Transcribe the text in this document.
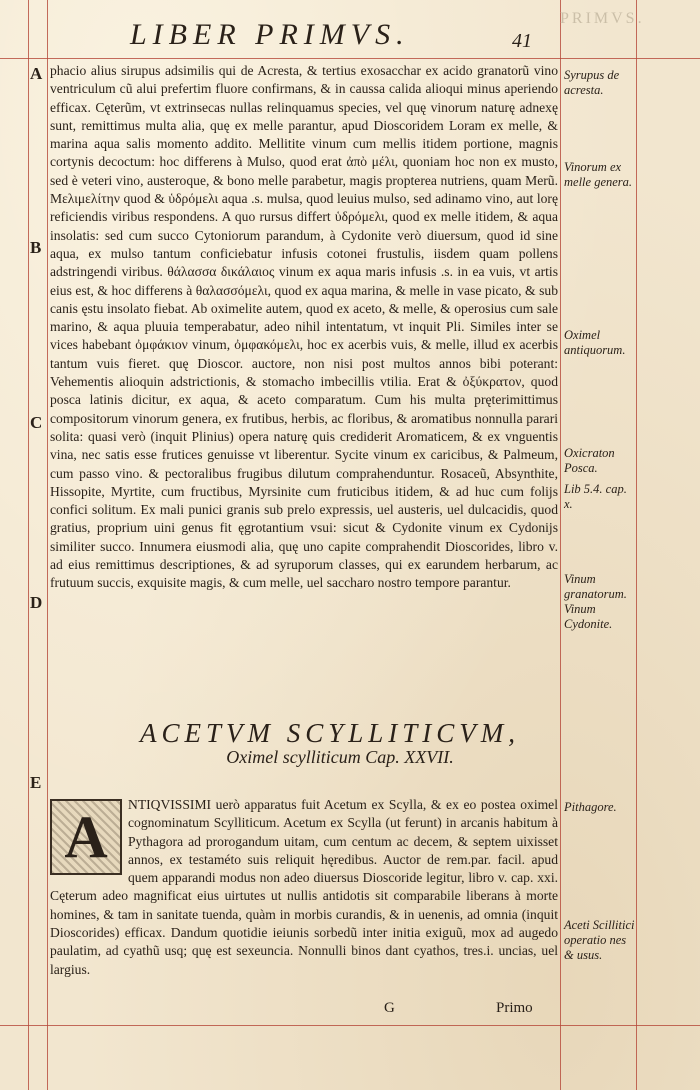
LIBER PRIMVS.	41
PRIMVS.
A
B
C
D
E

phacio alius sirupus adsimilis qui de Acresta, & tertius exosacchar ex acido granatorũ vino ventriculum cũ alui prefertim fluore confirmans, & in caussa calida alioqui minus aperiendo efficax. Cęterũm, vt extrinsecas nullas relinquamus species, vel quę vinorum naturę adnexę sunt, remittimus multa alia, quę ex melle parantur, apud Dioscoridem Loram ex melle, & marina aqua salis momento addito. Mellitite vinum cum mellis itidem portione, magnis cortynis decoctum: hoc differens à Mulso, quod erat ἀπὸ μέλι, quoniam hoc non ex musto, sed è veteri vino, austeroque, & bono melle parabetur, magis propterea nutriens, quam Merũ. Μελιμελίτην quod & ὑδρόμελι aqua .s. mulsa, quod leuius mulso, sed adinamo vino, aut lorę reficiendis viribus respondens. A quo rursus differt ὑδρόμελι, quod ex melle itidem, & aqua insolatis: sed cum succo Cytoniorum parandum, à Cydonite verò diuersum, quod id sine aqua, ex mulso tantum conficiebatur infusis cotonei frustulis, iisdem quam pollens adstringendi viribus. θάλασσα δικάλαιος vinum ex aqua maris infusis .s. in ea vuis, vt artis eius est, & hoc differens à θαλασσόμελι, quod ex aqua marina, & melle in vase picato, & sub canis ęstu insolato fiebat. Ab oximelite autem, quod ex aceto, & melle, & operosius cum sale marino, & aqua pluuia temperabatur, adeo nihil intentatum, vt inquit Pli. Similes inter se vices habebant ὀμφάκιον vinum, ὀμφακόμελι, hoc ex acerbis vuis, & melle, illud ex acerbis tantum vuis fieret. quę Dioscor. auctore, non nisi post multos annos bibi poterant: Vehementis alioquin adstrictionis, & stomacho imbecillis vtilia. Erat & ὀξύκρατον, quod posca latinis dicitur, ex aqua, & aceto comparatum. Cum his multa pręterimittimus compositorum vinorum genera, ex frutibus, herbis, ac floribus, & aromatibus nonnulla parari solita: quasi verò (inquit Plinius) opera naturę quis crediderit Aromaticem, & ex vnguentis vina, nec satis esse frutices genuisse vt liberentur. Sycite vinum ex caricibus, & Palmeum, cum passo vino. & pectoralibus frugibus dilutum comprahenduntur. Rosaceũ, Absynthite, Hissopite, Myrtite, cum fructibus, Myrsinite cum fruticibus itidem, & ad huc cum folijs confici solitum. Ex mali punici granis sub prelo expressis, uel austeris, uel dulcacidis, quod gratius, proprium uini genus fit ęgrotantium vsui: sicut & Cydonite vinum ex Cydonijs similiter succo. Innumera eiusmodi alia, quę uno capite comprahendit Dioscorides, libro v. ad eius remittimus descriptiones, & ad syruporum classes, qui ex earundem herbarum, ac frutuum succis, exquisite magis, & cum melle, uel saccharo nostro tempore parantur.

ACETVM SCYLLITICVM,
Oximel scylliticum Cap. XXVII.
A	NTIQVISSIMI uerò apparatus fuit Acetum ex Scylla, & ex eo postea oximel cognominatum Scylliticum. Acetum ex Scylla (ut ferunt) in arcanis habitum à Pythagora ad prorogandum uitam, cum centum ac decem, & septem uixisset annos, ex testaméto suis reliquit hęredibus. Auctor de rem.par. facil. apud quem apparandi modus non adeo diuersus Dioscoride legitur, libro v. cap. xxi. Cęterum adeo magnificat eius uirtutes ut nullis antidotis sit comparabile liberans à morte homines, & tam in sanitate tuenda, quàm in morbis curandis, & in uenenis, ad omnia (inquit Dioscorides) efficax. Dandum quotidie ieiunis sorbedũ inter initia exiguũ, mox ad augedo paulatim, ad cyathũ usq; quę est sexeuncia. Nonnulli binos dant cyathos, tres.i. uncias, uel largius.

Syrupus de acresta.
Vinorum ex melle genera.
Oximel antiquorum.
Oxicraton Posca.
Lib 5.4. cap. x.
Vinum granatorum. Vinum Cydonite.
Pithagore.
Aceti Scillitici operatio nes & usus.
G	Primo
